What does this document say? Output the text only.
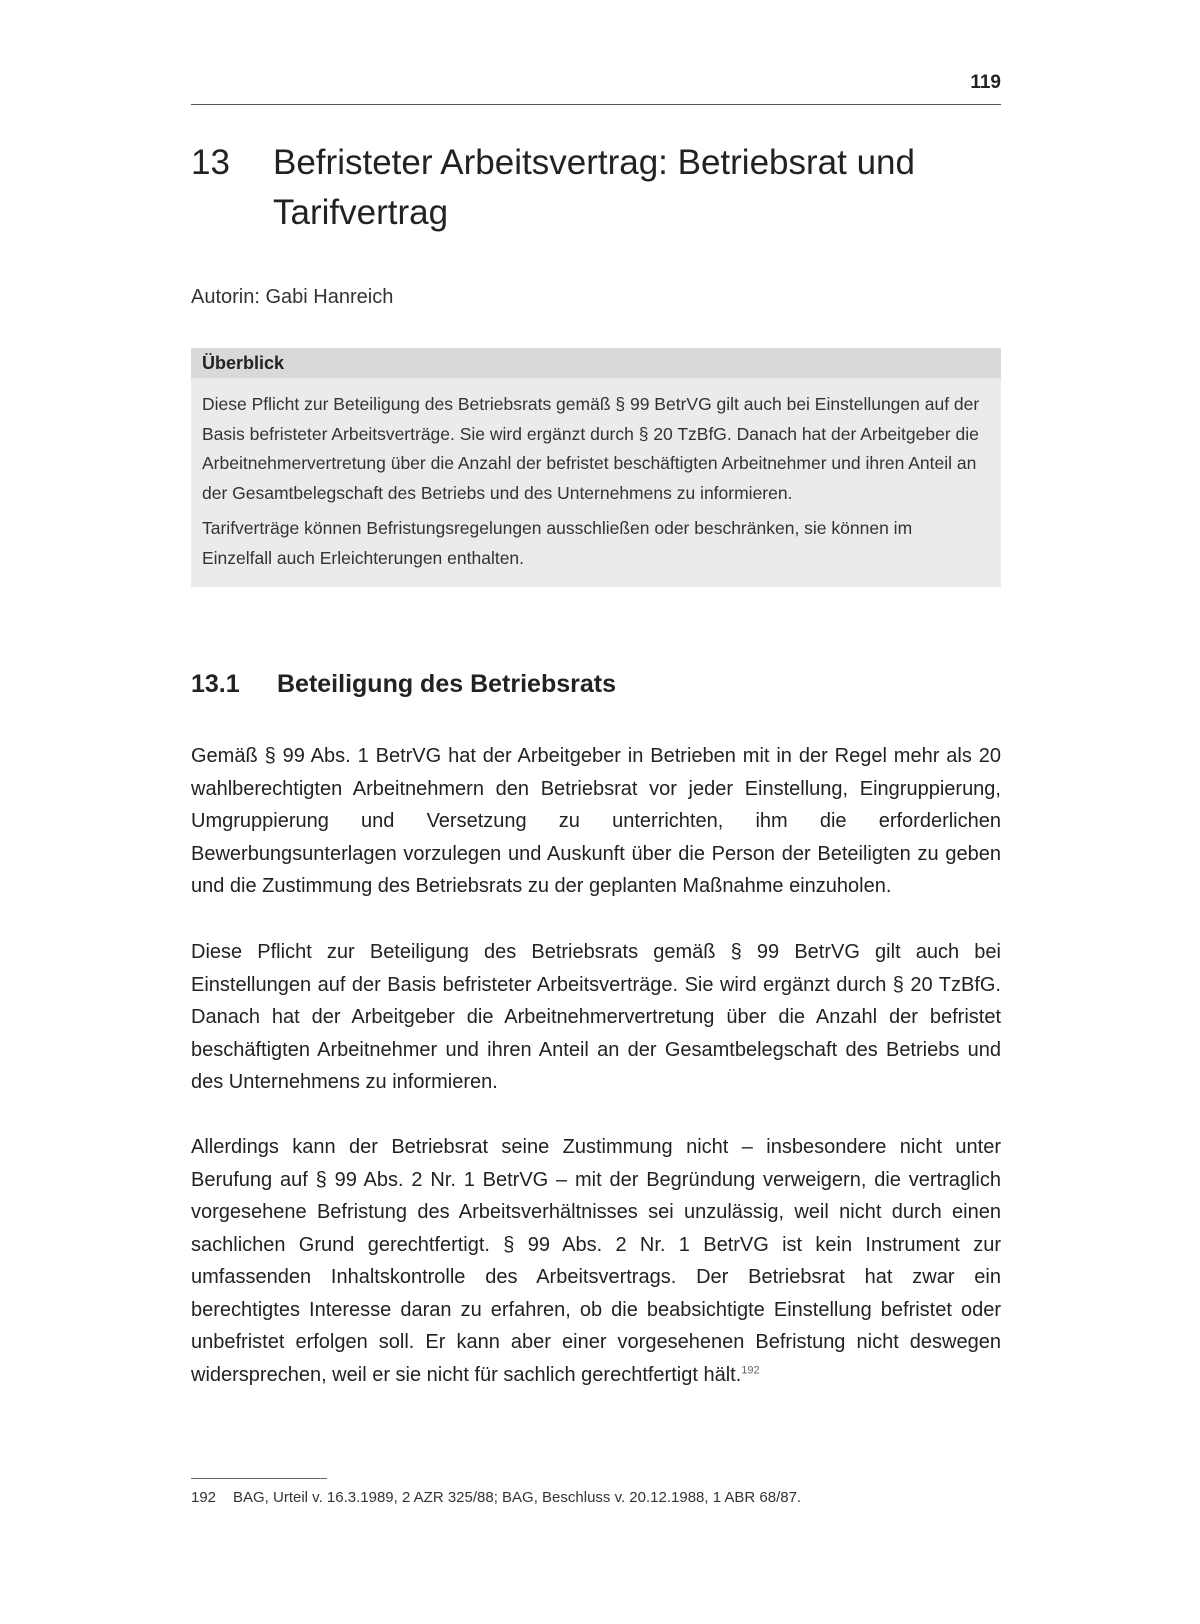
119
13 Befristeter Arbeitsvertrag: Betriebsrat und Tarifvertrag
Autorin: Gabi Hanreich
Überblick

Diese Pflicht zur Beteiligung des Betriebsrats gemäß § 99 BetrVG gilt auch bei Einstellungen auf der Basis befristeter Arbeitsverträge. Sie wird ergänzt durch § 20 TzBfG. Danach hat der Arbeitgeber die Arbeitnehmervertretung über die Anzahl der befristet beschäftigten Arbeitnehmer und ihren Anteil an der Gesamtbelegschaft des Betriebs und des Unternehmens zu informieren.

Tarifverträge können Befristungsregelungen ausschließen oder beschränken, sie können im Einzelfall auch Erleichterungen enthalten.

13.1 Beteiligung des Betriebsrats

Gemäß § 99 Abs. 1 BetrVG hat der Arbeitgeber in Betrieben mit in der Regel mehr als 20 wahlberechtigten Arbeitnehmern den Betriebsrat vor jeder Einstellung, Eingruppierung, Umgruppierung und Versetzung zu unterrichten, ihm die erforderlichen Bewerbungsunterlagen vorzulegen und Auskunft über die Person der Beteiligten zu geben und die Zustimmung des Betriebsrats zu der geplanten Maßnahme einzuholen.

Diese Pflicht zur Beteiligung des Betriebsrats gemäß § 99 BetrVG gilt auch bei Einstellungen auf der Basis befristeter Arbeitsverträge. Sie wird ergänzt durch § 20 TzBfG. Danach hat der Arbeitgeber die Arbeitnehmervertretung über die Anzahl der befristet beschäftigten Arbeitnehmer und ihren Anteil an der Gesamtbelegschaft des Betriebs und des Unternehmens zu informieren.

Allerdings kann der Betriebsrat seine Zustimmung nicht – insbesondere nicht unter Berufung auf § 99 Abs. 2 Nr. 1 BetrVG – mit der Begründung verweigern, die vertraglich vorgesehene Befristung des Arbeitsverhältnisses sei unzulässig, weil nicht durch einen sachlichen Grund gerechtfertigt. § 99 Abs. 2 Nr. 1 BetrVG ist kein Instrument zur umfassenden Inhaltskontrolle des Arbeitsvertrags. Der Betriebsrat hat zwar ein berechtigtes Interesse daran zu erfahren, ob die beabsichtigte Einstellung befristet oder unbefristet erfolgen soll. Er kann aber einer vorgesehenen Befristung nicht deswegen widersprechen, weil er sie nicht für sachlich gerechtfertigt hält.$^{192}$

192 BAG, Urteil v. 16.3.1989, 2 AZR 325/88; BAG, Beschluss v. 20.12.1988, 1 ABR 68/87.
